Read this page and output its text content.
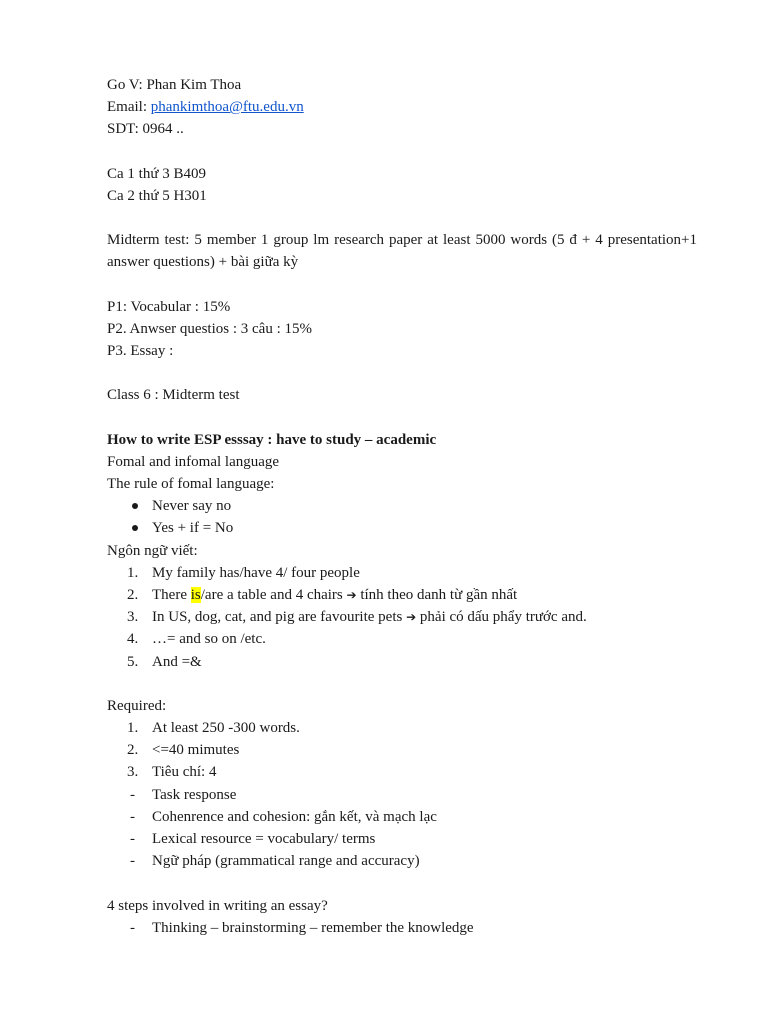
Go V: Phan Kim Thoa
Email: phankimthoa@ftu.edu.vn
SDT: 0964 ..
Ca 1 thứ 3 B409
Ca 2 thứ 5 H301
Midterm test: 5 member 1 group lm research paper at least 5000 words (5 đ + 4 presentation+1 answer questions) + bài giữa kỳ
P1: Vocabular : 15%
P2. Anwser questios : 3 câu : 15%
P3. Essay :
Class 6 : Midterm test
How to write ESP esssay : have to study – academic
Fomal and infomal language
The rule of fomal language:
Never say no
Yes + if = No
Ngôn ngữ viết:
1. My family has/have 4/ four people
2. There is/are a table and 4 chairs ➔ tính theo danh từ gần nhất
3. In US, dog, cat, and pig are favourite pets ➔ phải có dấu phẩy trước and.
4. …= and so on /etc.
5. And =&
Required:
1. At least 250 -300 words.
2. <=40 mimutes
3. Tiêu chí: 4
- Task response
- Cohenrence and cohesion: gắn kết, và mạch lạc
- Lexical resource = vocabulary/ terms
- Ngữ pháp (grammatical range and accuracy)
4 steps involved in writing an essay?
- Thinking – brainstorming – remember the knowledge
